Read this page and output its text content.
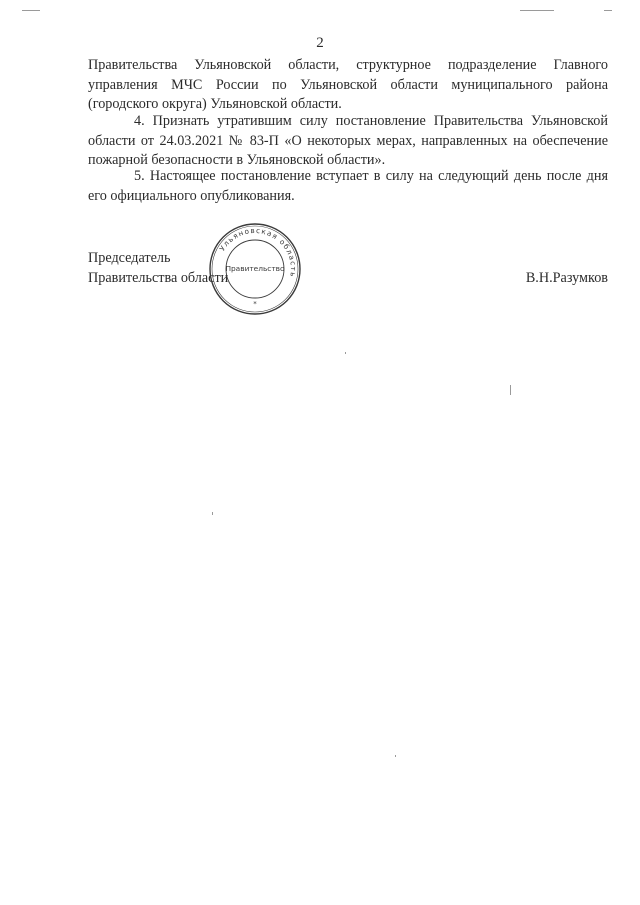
2

Правительства Ульяновской области, структурное подразделение Главного управления МЧС России по Ульяновской области муниципального района (городского округа) Ульяновской области.

4. Признать утратившим силу постановление Правительства Ульяновской области от 24.03.2021 № 83-П «О некоторых мерах, направленных на обеспечение пожарной безопасности в Ульяновской области».

5. Настоящее постановление вступает в силу на следующий день после дня его официального опубликования.

Председатель
Правительства области	В.Н.Разумков
Ульяновская область
Правительство
*
